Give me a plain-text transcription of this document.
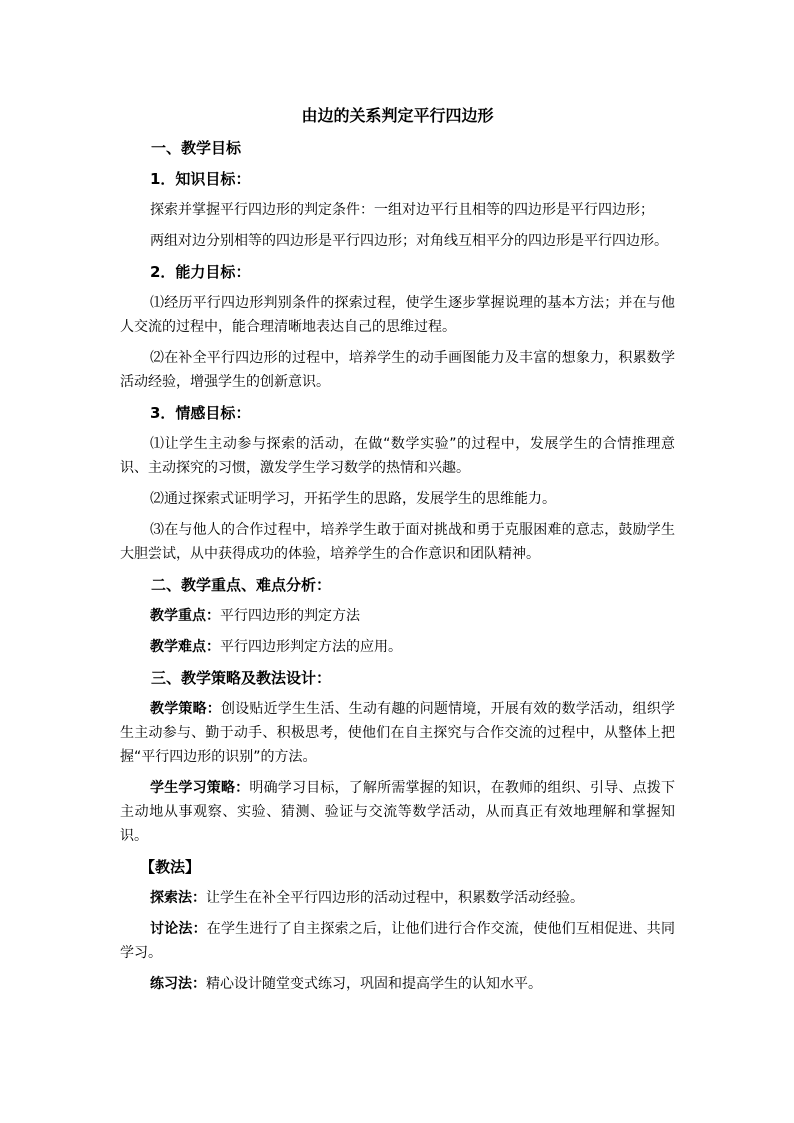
由边的关系判定平行四边形
一、教学目标
1．知识目标：

探索并掌握平行四边形的判定条件：一组对边平行且相等的四边形是平行四边形；

两组对边分别相等的四边形是平行四边形；对角线互相平分的四边形是平行四边形。

2．能力目标：

⑴经历平行四边形判别条件的探索过程，使学生逐步掌握说理的基本方法；并在与他人交流的过程中，能合理清晰地表达自己的思维过程。

⑵在补全平行四边形的过程中，培养学生的动手画图能力及丰富的想象力，积累数学活动经验，增强学生的创新意识。

3．情感目标：

⑴让学生主动参与探索的活动，在做“数学实验”的过程中，发展学生的合情推理意识、主动探究的习惯，激发学生学习数学的热情和兴趣。

⑵通过探索式证明学习，开拓学生的思路，发展学生的思维能力。

⑶在与他人的合作过程中，培养学生敢于面对挑战和勇于克服困难的意志，鼓励学生大胆尝试，从中获得成功的体验，培养学生的合作意识和团队精神。

二、教学重点、难点分析：

教学重点：平行四边形的判定方法

教学难点：平行四边形判定方法的应用。

三、教学策略及教法设计：

教学策略：创设贴近学生生活、生动有趣的问题情境，开展有效的数学活动，组织学生主动参与、勤于动手、积极思考，使他们在自主探究与合作交流的过程中，从整体上把握“平行四边形的识别”的方法。

学生学习策略：明确学习目标，了解所需掌握的知识，在教师的组织、引导、点拨下主动地从事观察、实验、猜测、验证与交流等数学活动，从而真正有效地理解和掌握知识。

【教法】

探索法：让学生在补全平行四边形的活动过程中，积累数学活动经验。

讨论法：在学生进行了自主探索之后，让他们进行合作交流，使他们互相促进、共同学习。

练习法：精心设计随堂变式练习，巩固和提高学生的认知水平。
